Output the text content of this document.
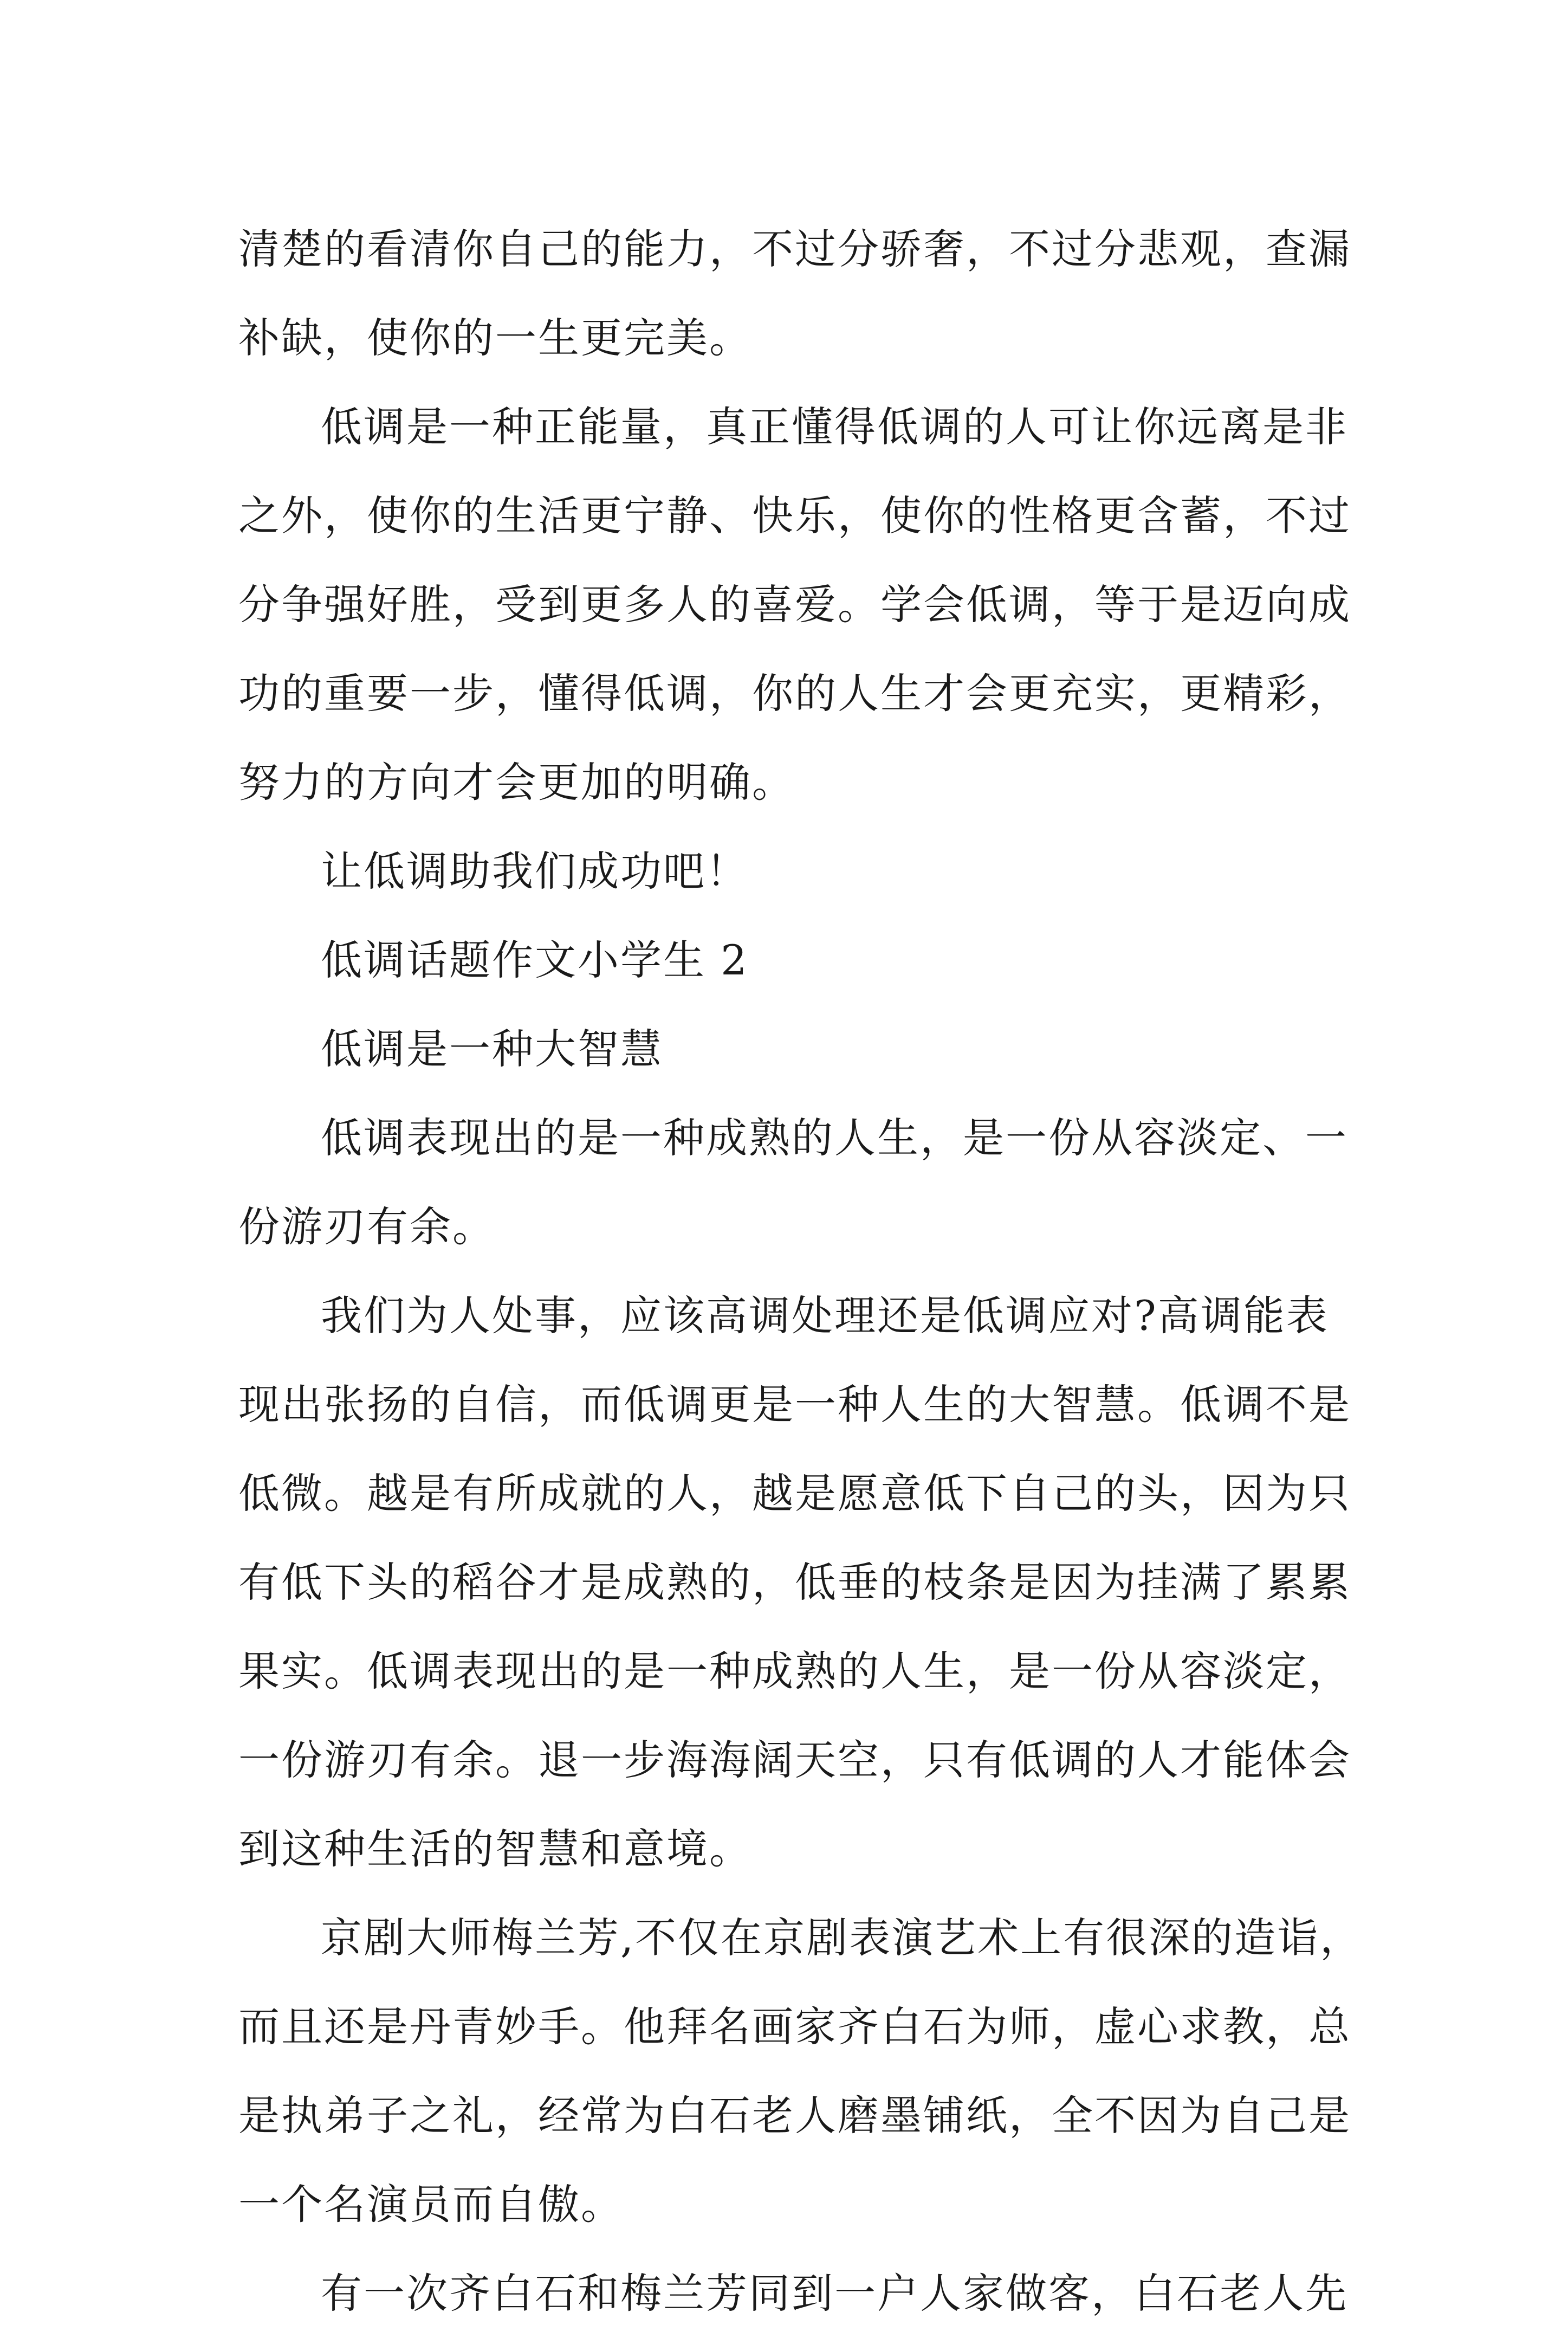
清楚的看清你自己的能力，不过分骄奢，不过分悲观，查漏
补缺，使你的一生更完美。
低调是一种正能量，真正懂得低调的人可让你远离是非
之外，使你的生活更宁静、快乐，使你的性格更含蓄，不过
分争强好胜，受到更多人的喜爱。学会低调，等于是迈向成
功的重要一步，懂得低调，你的人生才会更充实，更精彩，
努力的方向才会更加的明确。
让低调助我们成功吧！
低调话题作文小学生 2
低调是一种大智慧
低调表现出的是一种成熟的人生，是一份从容淡定、一
份游刃有余。
我们为人处事，应该高调处理还是低调应对?高调能表
现出张扬的自信，而低调更是一种人生的大智慧。低调不是
低微。越是有所成就的人，越是愿意低下自己的头，因为只
有低下头的稻谷才是成熟的，低垂的枝条是因为挂满了累累
果实。低调表现出的是一种成熟的人生，是一份从容淡定，
一份游刃有余。退一步海海阔天空，只有低调的人才能体会
到这种生活的智慧和意境。
京剧大师梅兰芳,不仅在京剧表演艺术上有很深的造诣，
而且还是丹青妙手。他拜名画家齐白石为师，虚心求教，总
是执弟子之礼，经常为白石老人磨墨铺纸，全不因为自己是
一个名演员而自傲。
有一次齐白石和梅兰芳同到一户人家做客，白石老人先
